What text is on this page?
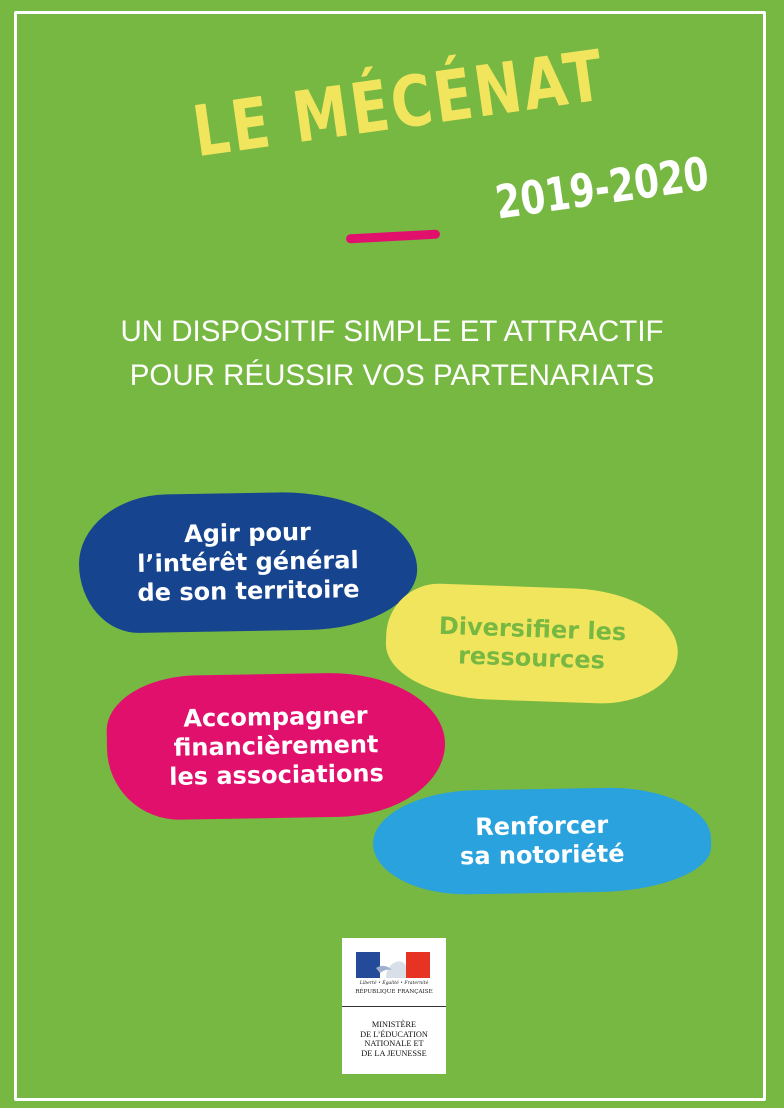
LE MÉCÉNAT
2019-2020
UN DISPOSITIF SIMPLE ET ATTRACTIF
POUR RÉUSSIR VOS PARTENARIATS
Agir pour
l’intérêt général
de son territoire
Diversifier les
ressources
Accompagner
financièrement
les associations
Renforcer
sa notoriété
Liberté • Égalité • Fraternité
RÉPUBLIQUE FRANÇAISE
MINISTÈRE
DE L’ÉDUCATION
NATIONALE ET
DE LA JEUNESSE
